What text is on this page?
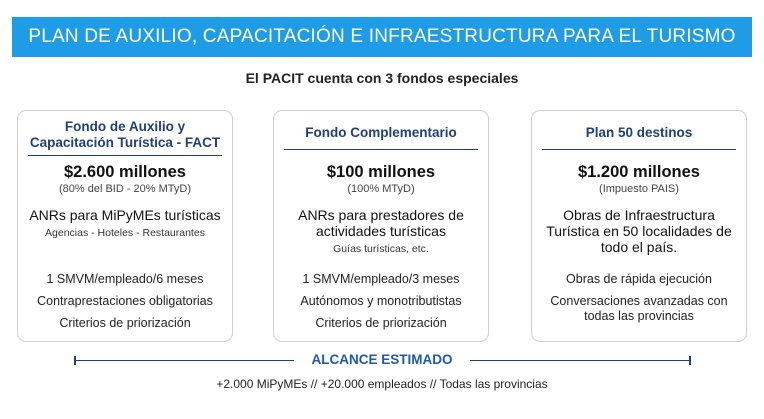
PLAN DE AUXILIO, CAPACITACIÓN E INFRAESTRUCTURA PARA EL TURISMO
El PACIT cuenta con 3 fondos especiales
Fondo de Auxilio y Capacitación Turística - FACT
$2.600 millones
(80% del BID - 20% MTyD)
ANRs para MiPyMEs turísticas
Agencias - Hoteles - Restaurantes
1 SMVM/empleado/6 meses
Contraprestaciones obligatorias
Criterios de priorización
Fondo Complementario
$100 millones
(100% MTyD)
ANRs para prestadores de actividades turísticas
Guías turísticas, etc.
1 SMVM/empleado/3 meses
Autónomos y monotributistas
Criterios de priorización
Plan 50 destinos
$1.200 millones
(Impuesto PAIS)
Obras de Infraestructura Turística en 50 localidades de todo el país.
Obras de rápida ejecución
Conversaciones avanzadas con todas las provincias
ALCANCE ESTIMADO
+2.000 MiPyMEs // +20.000 empleados // Todas las provincias
